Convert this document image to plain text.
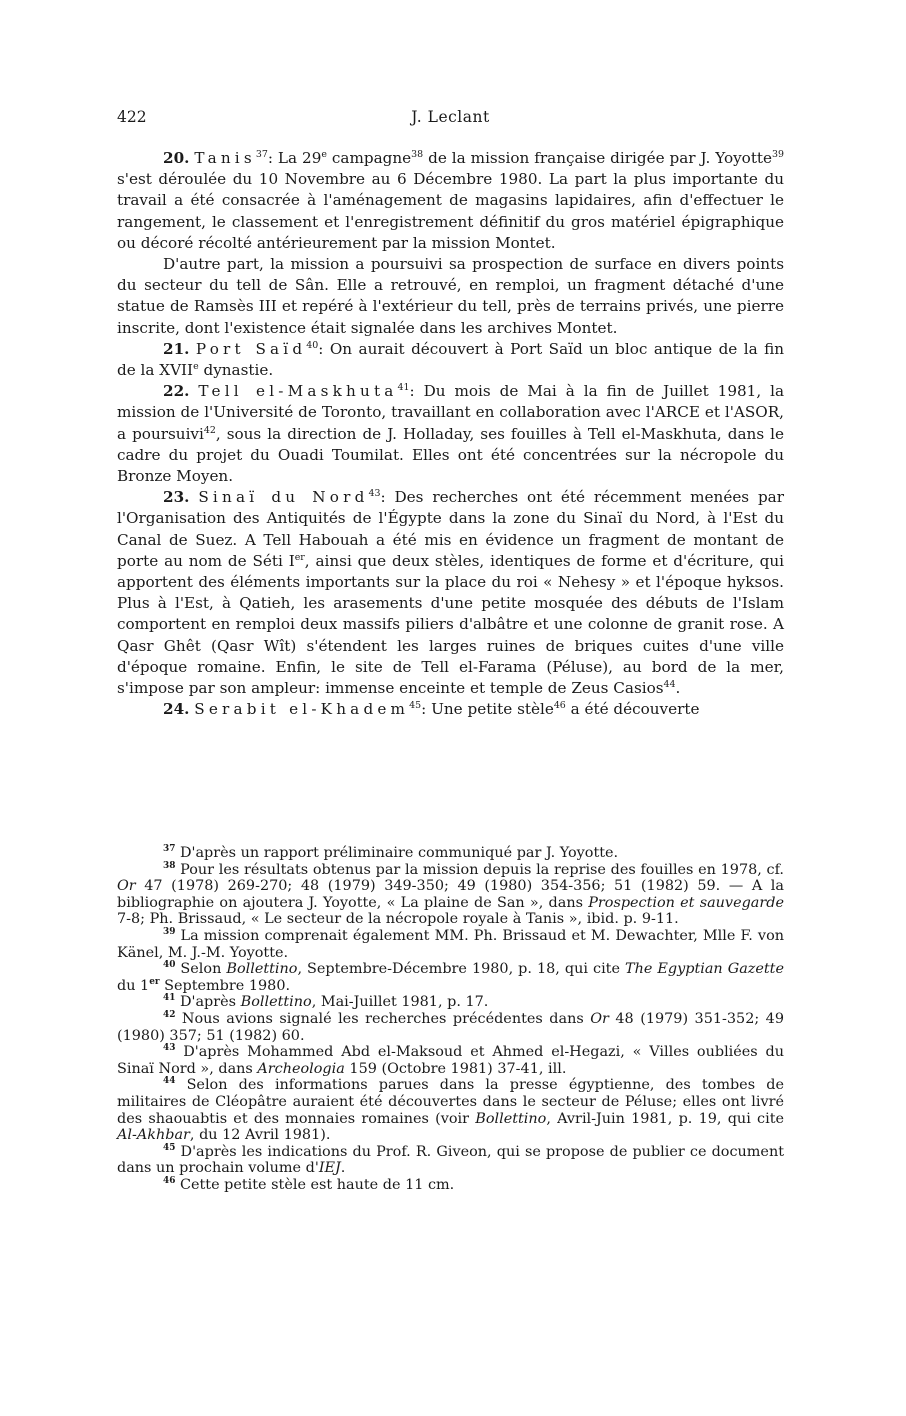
422	J. Leclant

20. Tanis$^{37}$: La 29e campagne$^{38}$ de la mission française dirigée par J. Yoyotte$^{39}$ s'est déroulée du 10 Novembre au 6 Décembre 1980. La part la plus importante du travail a été consacrée à l'aménagement de magasins lapidaires, afin d'effectuer le rangement, le classement et l'enregistrement définitif du gros matériel épigraphique ou décoré récolté antérieurement par la mission Montet.

D'autre part, la mission a poursuivi sa prospection de surface en divers points du secteur du tell de Sân. Elle a retrouvé, en remploi, un fragment détaché d'une statue de Ramsès III et repéré à l'extérieur du tell, près de terrains privés, une pierre inscrite, dont l'existence était signalée dans les archives Montet.

21. Port Saïd$^{40}$: On aurait découvert à Port Saïd un bloc antique de la fin de la XVIIe dynastie.

22. Tell el-Maskhuta$^{41}$: Du mois de Mai à la fin de Juillet 1981, la mission de l'Université de Toronto, travaillant en collaboration avec l'ARCE et l'ASOR, a poursuivi$^{42}$, sous la direction de J. Holladay, ses fouilles à Tell el-Maskhuta, dans le cadre du projet du Ouadi Toumilat. Elles ont été concentrées sur la nécropole du Bronze Moyen.

23. Sinaï du Nord$^{43}$: Des recherches ont été récemment menées par l'Organisation des Antiquités de l'Égypte dans la zone du Sinaï du Nord, à l'Est du Canal de Suez. A Tell Habouah a été mis en évidence un fragment de montant de porte au nom de Séti Ier, ainsi que deux stèles, identiques de forme et d'écriture, qui apportent des éléments importants sur la place du roi « Nehesy » et l'époque hyksos. Plus à l'Est, à Qatieh, les arasements d'une petite mosquée des débuts de l'Islam comportent en remploi deux massifs piliers d'albâtre et une colonne de granit rose. A Qasr Ghêt (Qasr Wît) s'étendent les larges ruines de briques cuites d'une ville d'époque romaine. Enfin, le site de Tell el-Farama (Péluse), au bord de la mer, s'impose par son ampleur: immense enceinte et temple de Zeus Casios$^{44}$.

24. Serabit el-Khadem$^{45}$: Une petite stèle$^{46}$ a été découverte

$^{37}$ D'après un rapport préliminaire communiqué par J. Yoyotte.

$^{38}$ Pour les résultats obtenus par la mission depuis la reprise des fouilles en 1978, cf. Or 47 (1978) 269-270; 48 (1979) 349-350; 49 (1980) 354-356; 51 (1982) 59. — A la bibliographie on ajoutera J. Yoyotte, « La plaine de San », dans Prospection et sauvegarde 7-8; Ph. Brissaud, « Le secteur de la nécropole royale à Tanis », ibid. p. 9-11.

$^{39}$ La mission comprenait également MM. Ph. Brissaud et M. Dewachter, Mlle F. von Känel, M. J.-M. Yoyotte.

$^{40}$ Selon Bollettino, Septembre-Décembre 1980, p. 18, qui cite The Egyptian Gazette du 1er Septembre 1980.

$^{41}$ D'après Bollettino, Mai-Juillet 1981, p. 17.

$^{42}$ Nous avions signalé les recherches précédentes dans Or 48 (1979) 351-352; 49 (1980) 357; 51 (1982) 60.

$^{43}$ D'après Mohammed Abd el-Maksoud et Ahmed el-Hegazi, « Villes oubliées du Sinaï Nord », dans Archeologia 159 (Octobre 1981) 37-41, ill.

$^{44}$ Selon des informations parues dans la presse égyptienne, des tombes de militaires de Cléopâtre auraient été découvertes dans le secteur de Péluse; elles ont livré des shaouabtis et des monnaies romaines (voir Bollettino, Avril-Juin 1981, p. 19, qui cite Al-Akhbar, du 12 Avril 1981).

$^{45}$ D'après les indications du Prof. R. Giveon, qui se propose de publier ce document dans un prochain volume d'IEJ.

$^{46}$ Cette petite stèle est haute de 11 cm.
